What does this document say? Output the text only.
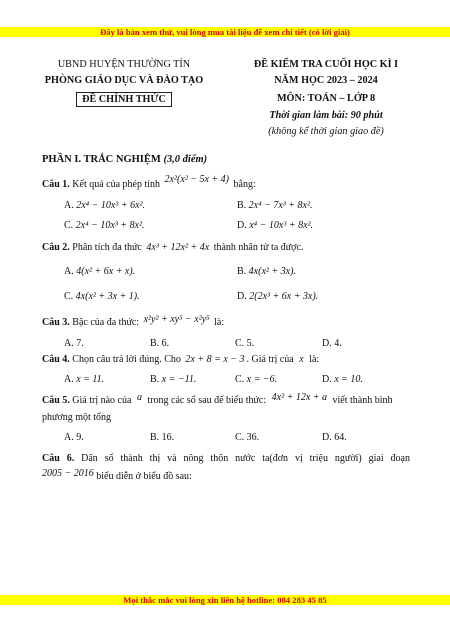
Đây là bản xem thử, vui lòng mua tài liệu để xem chi tiết (có lời giải)
UBND HUYỆN THƯỜNG TÍN
PHÒNG GIÁO DỤC VÀ ĐÀO TẠO
ĐỀ CHÍNH THỨC
ĐỀ KIỂM TRA CUỐI HỌC KÌ I
NĂM HỌC 2023 – 2024
MÔN: TOÁN – LỚP 8
Thời gian làm bài: 90 phút
(không kể thời gian giao đề)
PHẦN I. TRẮC NGHIỆM (3,0 điểm)
Câu 1. Kết quả của phép tính 2x²(x² − 5x + 4) bằng:
A. 2x⁴ − 10x³ + 6x².	B. 2x⁴ − 7x³ + 8x².
C. 2x⁴ − 10x³ + 8x².	D. x⁴ − 10x³ + 8x².
Câu 2. Phân tích đa thức 4x³ + 12x² + 4x thành nhân tử ta được.
A. 4(x² + 6x + x).	B. 4x(x² + 3x).
C. 4x(x² + 3x + 1).	D. 2(2x³ + 6x + 3x).
Câu 3. Bậc của đa thức: x²y² + xy⁵ − x²y⁵ là:
A. 7.	B. 6.	C. 5.	D. 4.
Câu 4. Chọn câu trả lời đúng. Cho 2x + 8 = x − 3 . Giá trị của x là:
A. x = 11.	B. x = −11.	C. x = −6.	D. x = 10.
Câu 5. Giá trị nào của a trong các số sau để biểu thức: 4x² + 12x + a viết thành bình
phương một tổng
A. 9.	B. 16.	C. 36.	D. 64.
Câu 6. Dân số thành thị và nông thôn nước ta(đơn vị triệu người) giai đoạn
2005 − 2016 biểu diễn ở biểu đồ sau:
Mọi thắc mắc vui lòng xin liên hệ hotline: 084 283 45 85
